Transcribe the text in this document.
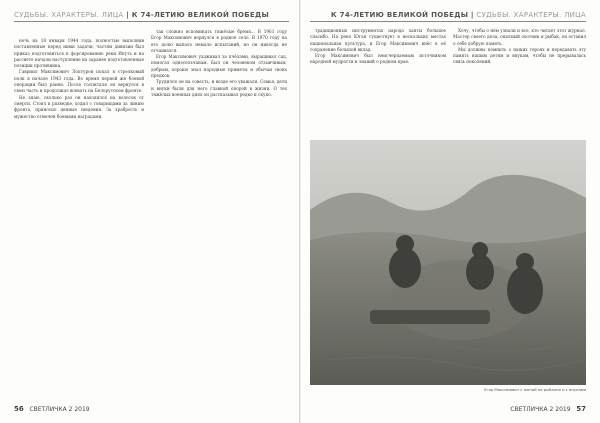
СУДЬБЫ. ХАРАКТЕРЫ. ЛИЦА | К 74-ЛЕТИЮ ВЕЛИКОЙ ПОБЕДЫ	К 74-ЛЕТИЮ ВЕЛИКОЙ ПОБЕДЫ | СУДЬБЫ. ХАРАКТЕРЫ. ЛИЦА

ночь на 18 января 1944 года, полностью выполнив поставленные перед ними задачи, частям дивизии был приказ подготовиться к форсированию реки Ипуть и на рассвете начали наступление на заранее подготовленные позиции противника.

Гавриил Максимович Лоптуров попал в стрелковый полк в начале 1943 года. Во время первой же боевой операции был ранен. После госпиталя он вернулся в свою часть и продолжал воевать на Белорусском фронте.

Не знаю, сколько раз он находился на волосок от смерти. Стоял в разведке, ходил с товарищами за линию фронта, приносил ценные сведения. За храбрость и мужество отмечен боевыми наградами.

так сложно вспоминать тяжёлые бремя... В 1961 году Егор Максимович вернулся в родное село. В 1970 году на его долю выпало немало испытаний, но он никогда не отчаивался.

Егор Максимович ухаживал за пчёлами, выращивал сад, помогал односельчанам. Был он человеком отзывчивым, добрым, хорошо знал народные приметы и обычаи своих предков.

Трудился он на совесть, и везде его уважали. Семья, дети и внуки были для него главной опорой в жизни. О тех тяжёлых военных днях он рассказывал редко и скупо.

традиционных инструментах народа ханты большое спасибо. На реке Юган существует в нескольких местах национальная культура, и Егор Максимович внёс в её сохранение большой вклад.

Егор Максимович был неисчерпаемым источником народной мудрости и знаний о родном крае.

Хочу, чтобы о нём узнали и все, кто читает этот журнал. Мастер своего дела, опытный охотник и рыбак, он оставил о себе добрую память.

Мы должны помнить о наших героях и передавать эту память нашим детям и внукам, чтобы не прерывалась связь поколений.

Егор Максимович с женой на рыбалке и с внуками
56 СВЕТЛИЧКА 2 2019	СВЕТЛИЧКА 2 2019 57
